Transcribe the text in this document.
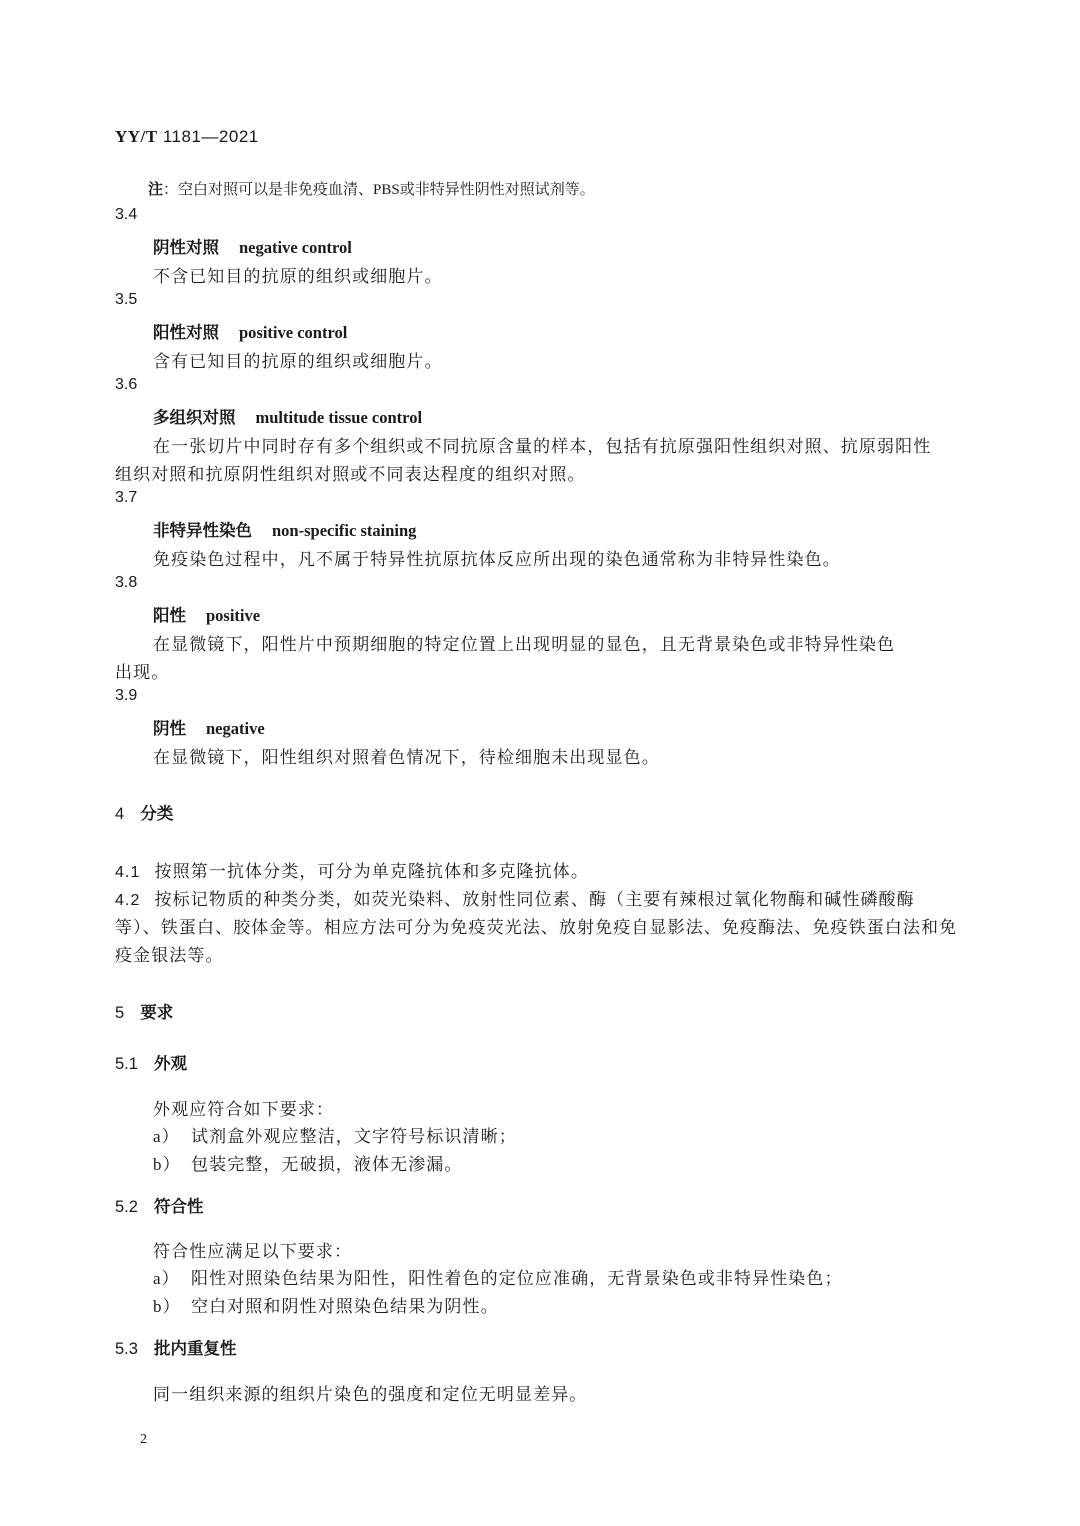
YY/T 1181—2021
注：空白对照可以是非免疫血清、PBS或非特异性阴性对照试剂等。
3.4
阴性对照 negative control
不含已知目的抗原的组织或细胞片。
3.5
阳性对照 positive control
含有已知目的抗原的组织或细胞片。
3.6
多组织对照 multitude tissue control
在一张切片中同时存有多个组织或不同抗原含量的样本，包括有抗原强阳性组织对照、抗原弱阳性
组织对照和抗原阴性组织对照或不同表达程度的组织对照。
3.7
非特异性染色 non-specific staining
免疫染色过程中，凡不属于特异性抗原抗体反应所出现的染色通常称为非特异性染色。
3.8
阳性 positive
在显微镜下，阳性片中预期细胞的特定位置上出现明显的显色，且无背景染色或非特异性染色
出现。
3.9
阴性 negative
在显微镜下，阳性组织对照着色情况下，待检细胞未出现显色。
4 分类
4.1 按照第一抗体分类，可分为单克隆抗体和多克隆抗体。
4.2 按标记物质的种类分类，如荧光染料、放射性同位素、酶（主要有辣根过氧化物酶和碱性磷酸酶
等）、铁蛋白、胶体金等。相应方法可分为免疫荧光法、放射免疫自显影法、免疫酶法、免疫铁蛋白法和免
疫金银法等。
5 要求
5.1 外观
外观应符合如下要求：
a） 试剂盒外观应整洁，文字符号标识清晰；
b） 包装完整，无破损，液体无渗漏。
5.2 符合性
符合性应满足以下要求：
a） 阳性对照染色结果为阳性，阳性着色的定位应准确，无背景染色或非特异性染色；
b） 空白对照和阴性对照染色结果为阴性。
5.3 批内重复性
同一组织来源的组织片染色的强度和定位无明显差异。
2
